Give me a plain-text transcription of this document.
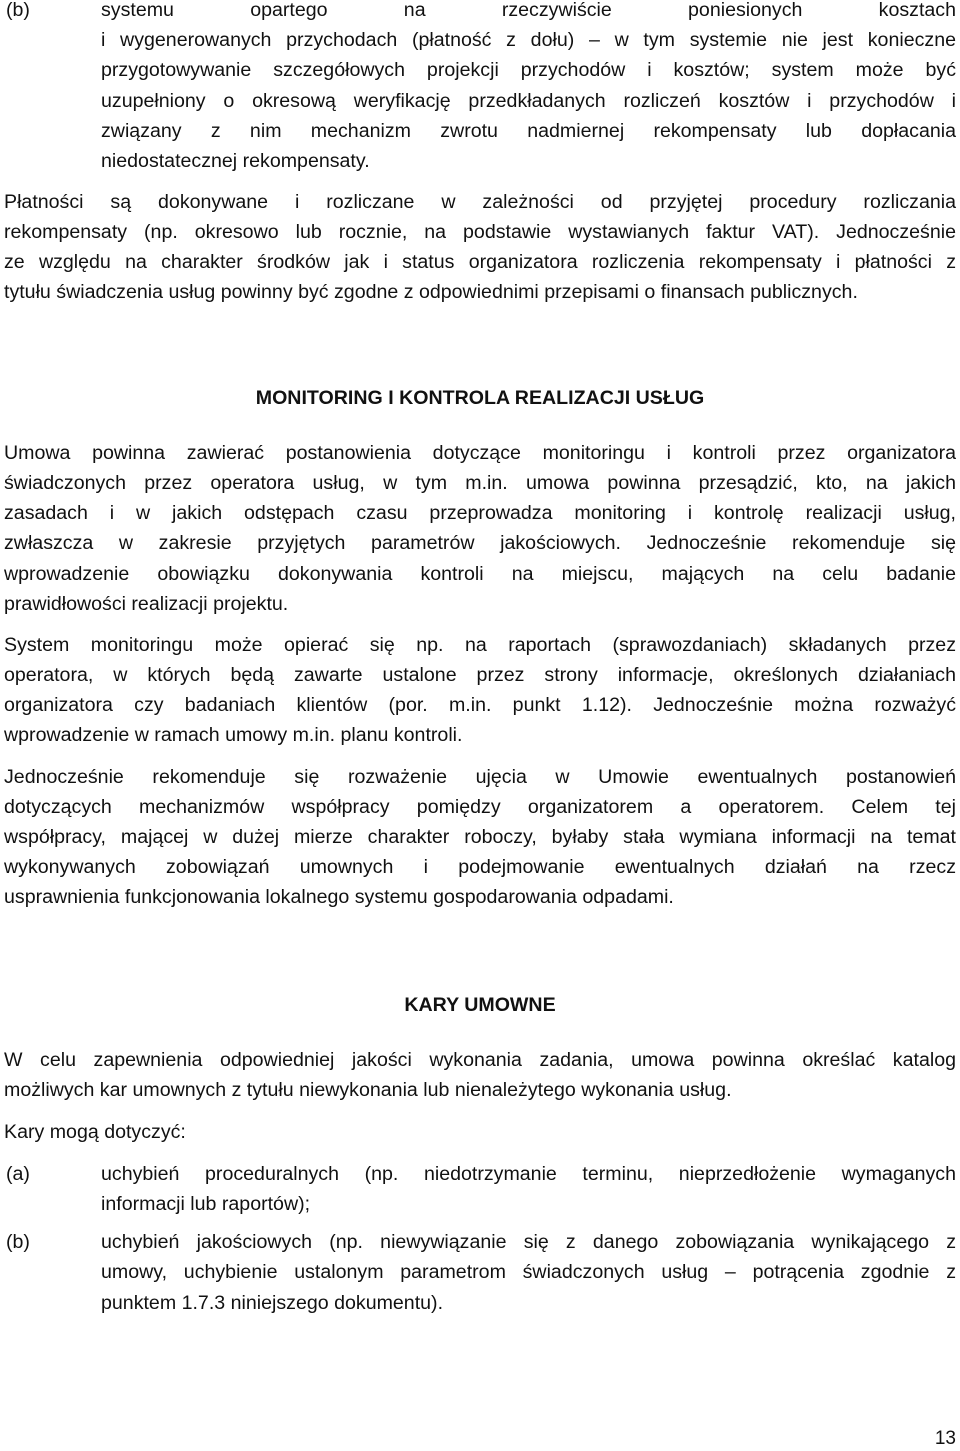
(b)	systemu opartego na rzeczywiście poniesionych kosztach
i wygenerowanych przychodach (płatność z dołu) – w tym systemie nie jest konieczne
przygotowywanie szczegółowych projekcji przychodów i kosztów; system może być
uzupełniony o okresową weryfikację przedkładanych rozliczeń kosztów i przychodów i
związany z nim mechanizm zwrotu nadmiernej rekompensaty lub dopłacania
niedostatecznej rekompensaty.
Płatności są dokonywane i rozliczane w zależności od przyjętej procedury rozliczania
rekompensaty (np. okresowo lub rocznie, na podstawie wystawianych faktur VAT). Jednocześnie
ze względu na charakter środków jak i status organizatora rozliczenia rekompensaty i płatności z
tytułu świadczenia usług powinny być zgodne z odpowiednimi przepisami o finansach publicznych.
MONITORING I KONTROLA REALIZACJI USŁUG
Umowa powinna zawierać postanowienia dotyczące monitoringu i kontroli przez organizatora
świadczonych przez operatora usług, w tym m.in. umowa powinna przesądzić, kto, na jakich
zasadach i w jakich odstępach czasu przeprowadza monitoring i kontrolę realizacji usług,
zwłaszcza w zakresie przyjętych parametrów jakościowych. Jednocześnie rekomenduje się
wprowadzenie obowiązku dokonywania kontroli na miejscu, mających na celu badanie
prawidłowości realizacji projektu.
System monitoringu może opierać się np. na raportach (sprawozdaniach) składanych przez
operatora, w których będą zawarte ustalone przez strony informacje, określonych działaniach
organizatora czy badaniach klientów (por. m.in. punkt 1.12). Jednocześnie można rozważyć
wprowadzenie w ramach umowy m.in. planu kontroli.
Jednocześnie rekomenduje się rozważenie ujęcia w Umowie ewentualnych postanowień
dotyczących mechanizmów współpracy pomiędzy organizatorem a operatorem. Celem tej
współpracy, mającej w dużej mierze charakter roboczy, byłaby stała wymiana informacji na temat
wykonywanych zobowiązań umownych i podejmowanie ewentualnych działań na rzecz
usprawnienia funkcjonowania lokalnego systemu gospodarowania odpadami.
KARY UMOWNE
W celu zapewnienia odpowiedniej jakości wykonania zadania, umowa powinna określać katalog
możliwych kar umownych z tytułu niewykonania lub nienależytego wykonania usług.
Kary mogą dotyczyć:
(a)	uchybień proceduralnych (np. niedotrzymanie terminu, nieprzedłożenie wymaganych
informacji lub raportów);
(b)	uchybień jakościowych (np. niewywiązanie się z danego zobowiązania wynikającego z
umowy, uchybienie ustalonym parametrom świadczonych usług – potrącenia zgodnie z
punktem 1.7.3 niniejszego dokumentu).
13
